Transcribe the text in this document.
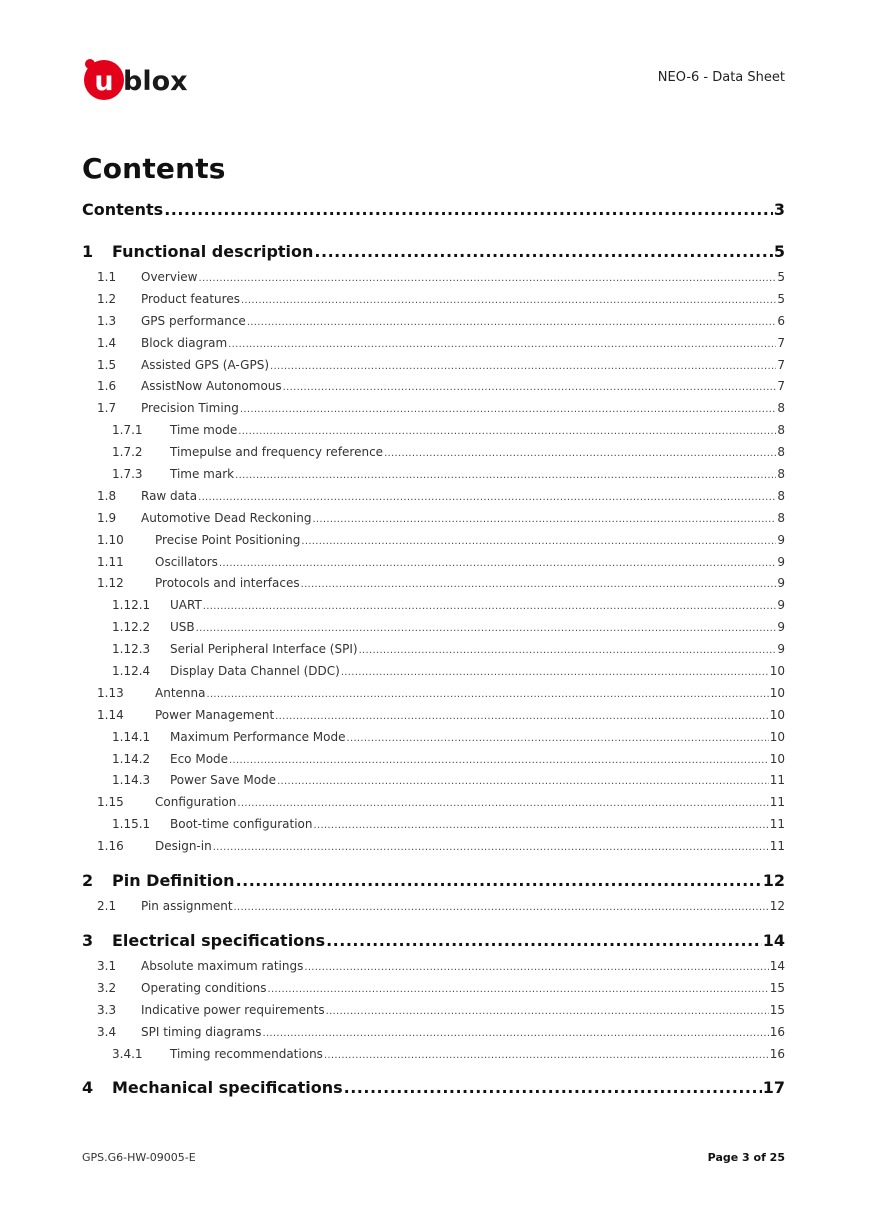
u blox	NEO-6 - Data Sheet
Contents
Contents .....	3
1	Functional description .....	5
1.1	Overview .....	5
1.2	Product features .....	5
1.3	GPS performance .....	6
1.4	Block diagram .....	7
1.5	Assisted GPS (A-GPS) .....	7
1.6	AssistNow Autonomous .....	7
1.7	Precision Timing .....	8
1.7.1	Time mode .....	8
1.7.2	Timepulse and frequency reference .....	8
1.7.3	Time mark .....	8
1.8	Raw data .....	8
1.9	Automotive Dead Reckoning .....	8
1.10	Precise Point Positioning .....	9
1.11	Oscillators .....	9
1.12	Protocols and interfaces .....	9
1.12.1	UART .....	9
1.12.2	USB .....	9
1.12.3	Serial Peripheral Interface (SPI) .....	9
1.12.4	Display Data Channel (DDC) .....	10
1.13	Antenna .....	10
1.14	Power Management .....	10
1.14.1	Maximum Performance Mode .....	10
1.14.2	Eco Mode .....	10
1.14.3	Power Save Mode .....	11
1.15	Configuration .....	11
1.15.1	Boot-time configuration .....	11
1.16	Design-in .....	11
2	Pin Definition .....	12
2.1	Pin assignment .....	12
3	Electrical specifications .....	14
3.1	Absolute maximum ratings .....	14
3.2	Operating conditions .....	15
3.3	Indicative power requirements .....	15
3.4	SPI timing diagrams .....	16
3.4.1	Timing recommendations .....	16
4	Mechanical specifications .....	17
GPS.G6-HW-09005-E	Page 3 of 25
